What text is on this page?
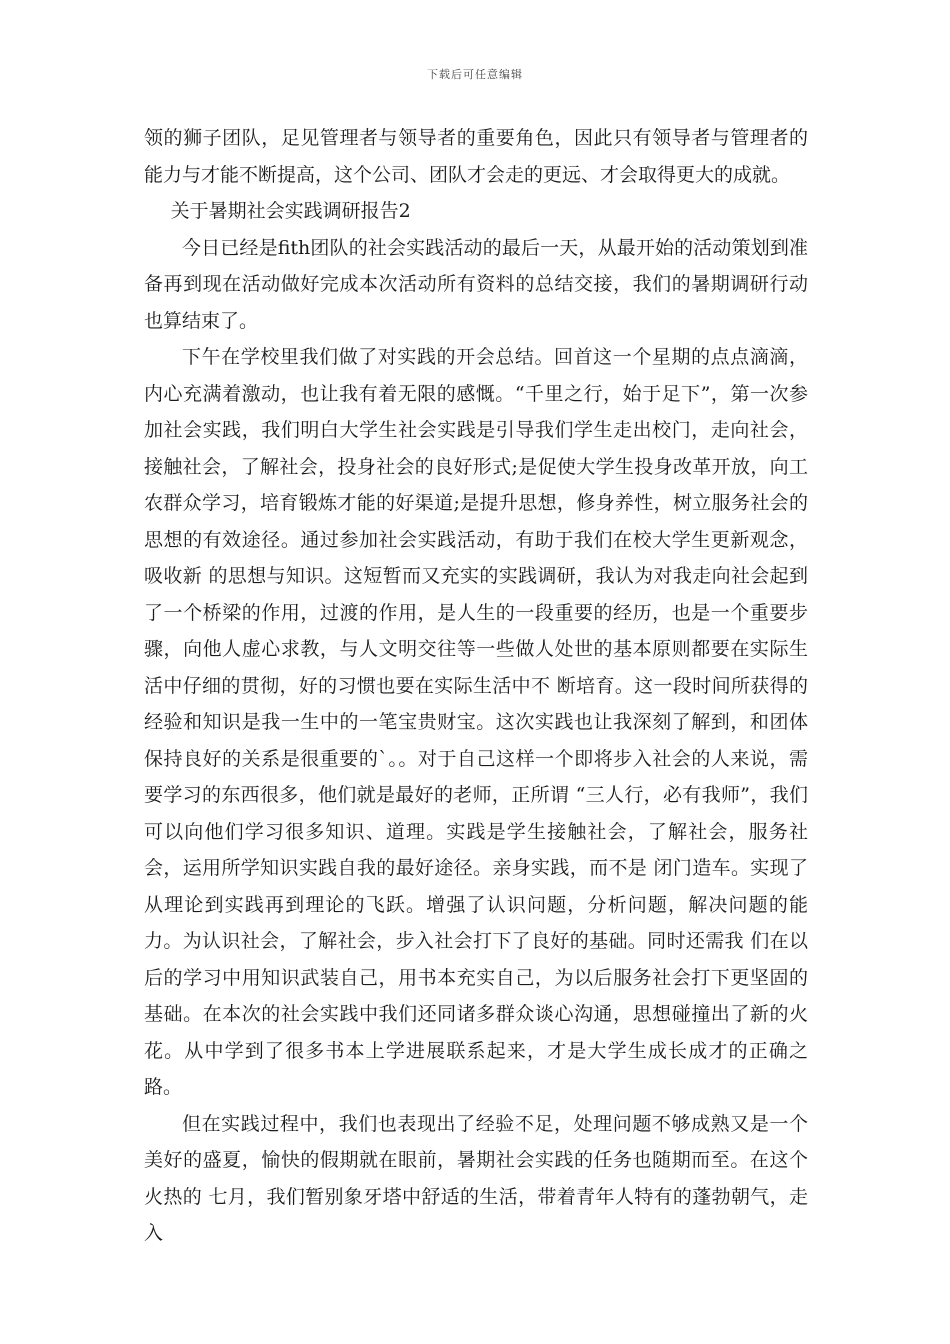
下载后可任意编辑

领的狮子团队，足见管理者与领导者的重要角色，因此只有领导者与管理者的能力与才能不断提高，这个公司、团队才会走的更远、才会取得更大的成就。

关于暑期社会实践调研报告2

今日已经是fith团队的社会实践活动的最后一天，从最开始的活动策划到准备再到现在活动做好完成本次活动所有资料的总结交接，我们的暑期调研行动也算结束了。

下午在学校里我们做了对实践的开会总结。回首这一个星期的点点滴滴，内心充满着激动，也让我有着无限的感慨。“千里之行，始于足下”，第一次参加社会实践，我们明白大学生社会实践是引导我们学生走出校门，走向社会，接触社会，了解社会，投身社会的良好形式;是促使大学生投身改革开放，向工农群众学习，培育锻炼才能的好渠道;是提升思想，修身养性，树立服务社会的思想的有效途径。通过参加社会实践活动，有助于我们在校大学生更新观念，吸收新 的思想与知识。这短暂而又充实的实践调研，我认为对我走向社会起到了一个桥梁的作用，过渡的作用，是人生的一段重要的经历，也是一个重要步骤，向他人虚心求教，与人文明交往等一些做人处世的基本原则都要在实际生活中仔细的贯彻，好的习惯也要在实际生活中不 断培育。这一段时间所获得的经验和知识是我一生中的一笔宝贵财宝。这次实践也让我深刻了解到，和团体保持良好的关系是很重要的`。。对于自己这样一个即将步入社会的人来说，需要学习的东西很多，他们就是最好的老师，正所谓 “三人行，必有我师”，我们可以向他们学习很多知识、道理。实践是学生接触社会，了解社会，服务社会，运用所学知识实践自我的最好途径。亲身实践，而不是 闭门造车。实现了从理论到实践再到理论的飞跃。增强了认识问题，分析问题，解决问题的能力。为认识社会，了解社会，步入社会打下了良好的基础。同时还需我 们在以后的学习中用知识武装自己，用书本充实自己，为以后服务社会打下更坚固的基础。在本次的社会实践中我们还同诸多群众谈心沟通，思想碰撞出了新的火花。从中学到了很多书本上学进展联系起来，才是大学生成长成才的正确之路。

但在实践过程中，我们也表现出了经验不足，处理问题不够成熟又是一个美好的盛夏，愉快的假期就在眼前，暑期社会实践的任务也随期而至。在这个火热的 七月，我们暂别象牙塔中舒适的生活，带着青年人特有的蓬勃朝气，走入
